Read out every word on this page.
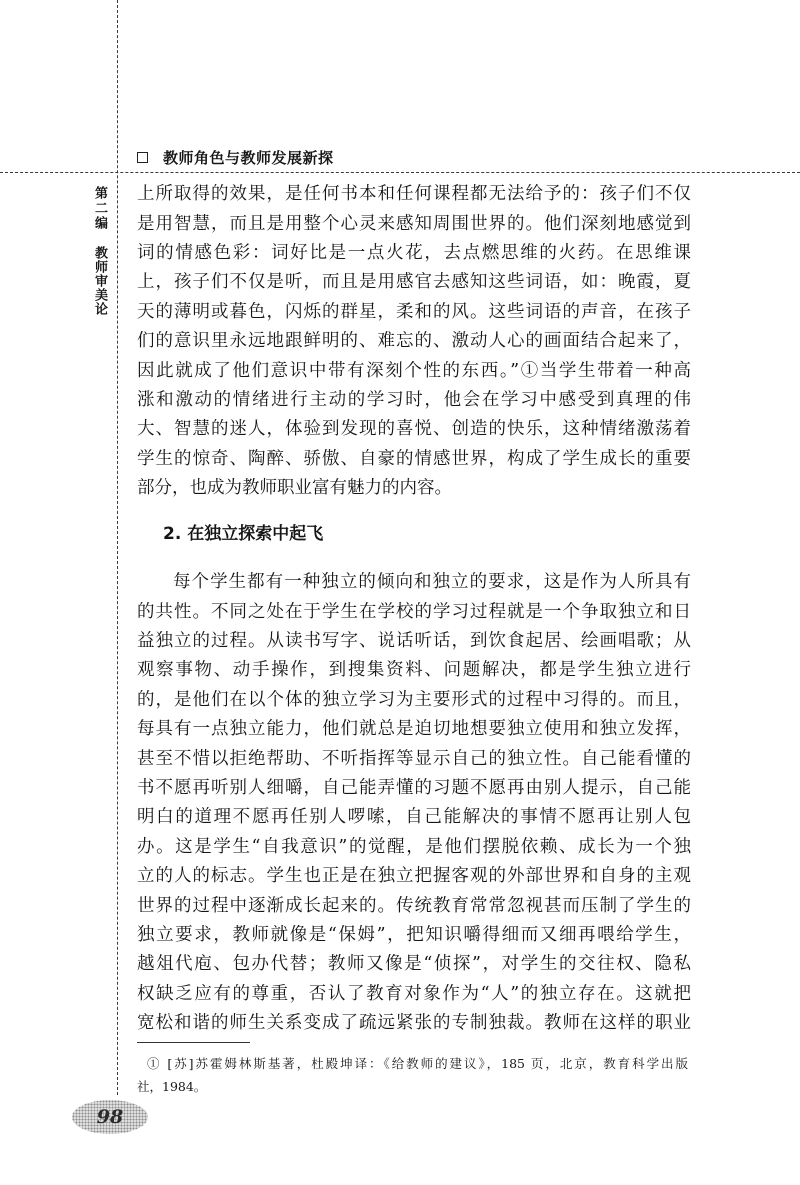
教师角色与教师发展新探
第二编
教师审美论
上所取得的效果，是任何书本和任何课程都无法给予的：孩子们不仅
是用智慧，而且是用整个心灵来感知周围世界的。他们深刻地感觉到
词的情感色彩：词好比是一点火花，去点燃思维的火药。在思维课
上，孩子们不仅是听，而且是用感官去感知这些词语，如：晚霞，夏
天的薄明或暮色，闪烁的群星，柔和的风。这些词语的声音，在孩子
们的意识里永远地跟鲜明的、难忘的、激动人心的画面结合起来了，
因此就成了他们意识中带有深刻个性的东西。”①当学生带着一种高
涨和激动的情绪进行主动的学习时，他会在学习中感受到真理的伟
大、智慧的迷人，体验到发现的喜悦、创造的快乐，这种情绪激荡着
学生的惊奇、陶醉、骄傲、自豪的情感世界，构成了学生成长的重要
部分，也成为教师职业富有魅力的内容。
2. 在独立探索中起飞
每个学生都有一种独立的倾向和独立的要求，这是作为人所具有
的共性。不同之处在于学生在学校的学习过程就是一个争取独立和日
益独立的过程。从读书写字、说话听话，到饮食起居、绘画唱歌；从
观察事物、动手操作，到搜集资料、问题解决，都是学生独立进行
的，是他们在以个体的独立学习为主要形式的过程中习得的。而且，
每具有一点独立能力，他们就总是迫切地想要独立使用和独立发挥，
甚至不惜以拒绝帮助、不听指挥等显示自己的独立性。自己能看懂的
书不愿再听别人细嚼，自己能弄懂的习题不愿再由别人提示，自己能
明白的道理不愿再任别人啰嗦，自己能解决的事情不愿再让别人包
办。这是学生“自我意识”的觉醒，是他们摆脱依赖、成长为一个独
立的人的标志。学生也正是在独立把握客观的外部世界和自身的主观
世界的过程中逐渐成长起来的。传统教育常常忽视甚而压制了学生的
独立要求，教师就像是“保姆”，把知识嚼得细而又细再喂给学生，
越俎代庖、包办代替；教师又像是“侦探”，对学生的交往权、隐私
权缺乏应有的尊重，否认了教育对象作为“人”的独立存在。这就把
宽松和谐的师生关系变成了疏远紧张的专制独裁。教师在这样的职业
① [苏]苏霍姆林斯基著，杜殿坤译：《给教师的建议》，185 页，北京，教育科学出版
社，1984。
98
